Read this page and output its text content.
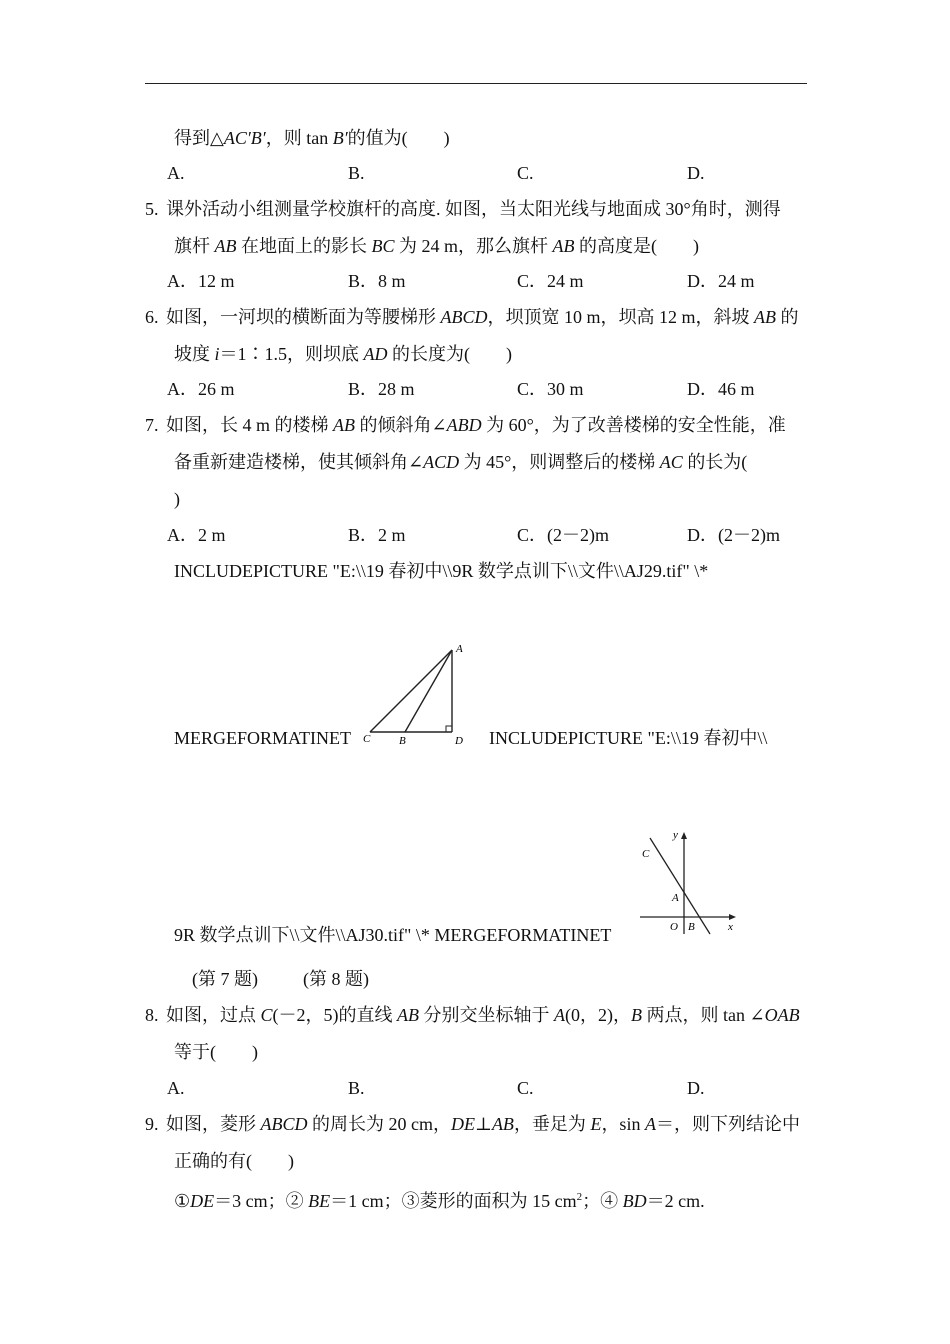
得到△AC′B′，则 tan B′的值为(　　)
A.	B.	C.	D.
5. 课外活动小组测量学校旗杆的高度. 如图，当太阳光线与地面成 30°角时，测得
旗杆 AB 在地面上的影长 BC 为 24 m，那么旗杆 AB 的高度是(　　)
A．12 m	B．8 m	C．24 m	D．24 m
6. 如图，一河坝的横断面为等腰梯形 ABCD，坝顶宽 10 m，坝高 12 m，斜坡 AB 的
坡度 i＝1∶1.5，则坝底 AD 的长度为(　　)
A．26 m	B．28 m	C．30 m	D．46 m
7. 如图，长 4 m 的楼梯 AB 的倾斜角∠ABD 为 60°，为了改善楼梯的安全性能，准
备重新建造楼梯，使其倾斜角∠ACD 为 45°，则调整后的楼梯 AC 的长为(
)
A．2 m	B．2 m	C．(2－2)m	D．(2－2)m
INCLUDEPICTURE "E:\\19 春初中\\9R 数学点训下\\文件\\AJ29.tif" \*
MERGEFORMATINET	INCLUDEPICTURE "E:\\19 春初中\\
9R 数学点训下\\文件\\AJ30.tif" \* MERGEFORMATINET
A
B
C	D
y
x
C
A
O B
(第 7 题)	(第 8 题)
8. 如图，过点 C(－2，5)的直线 AB 分别交坐标轴于 A(0，2)，B 两点，则 tan ∠OAB
等于(　　)
A.	B.	C.	D.
9. 如图，菱形 ABCD 的周长为 20 cm，DE⊥AB，垂足为 E，sin A＝，则下列结论中
正确的有(　　)
①DE＝3 cm；② BE＝1 cm；③菱形的面积为 15 $cm^2$；④ BD＝2 cm.
